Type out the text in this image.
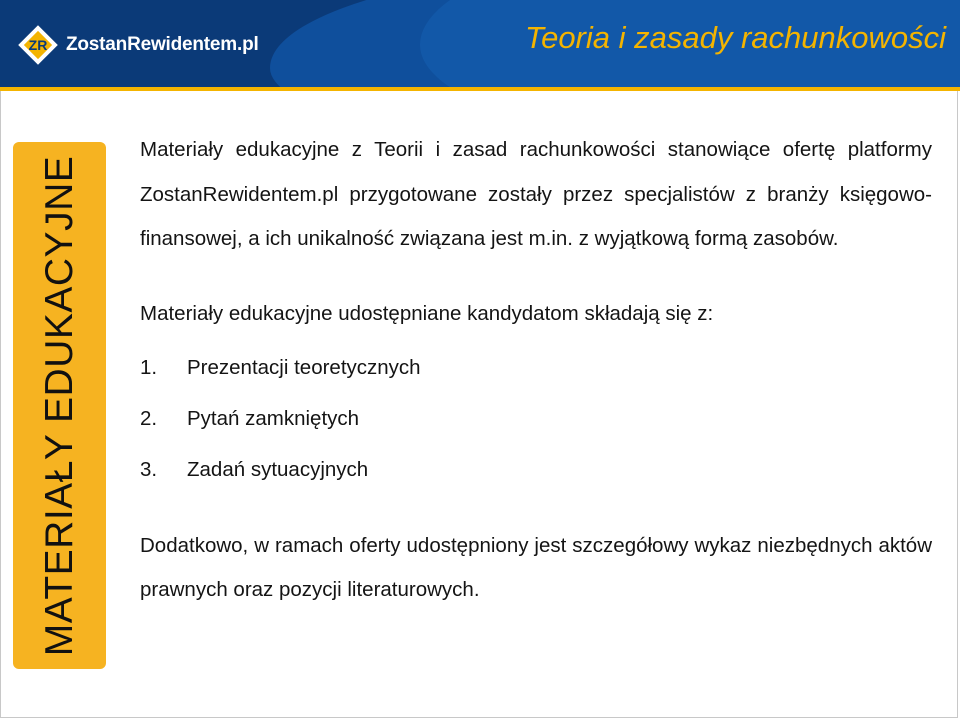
ZR ZostanRewidentem.pl	Teoria i zasady rachunkowości
MATERIAŁY EDUKACYJNE

Materiały edukacyjne z Teorii i zasad rachunkowości stanowiące ofertę platformy ZostanRewidentem.pl przygotowane zostały przez specjalistów z branży księgowo-finansowej, a ich unikalność związana jest m.in. z wyjątkową formą zasobów.

Materiały edukacyjne udostępniane kandydatom składają się z:

1.	Prezentacji teoretycznych
2.	Pytań zamkniętych
3.	Zadań sytuacyjnych

Dodatkowo, w ramach oferty udostępniony jest szczegółowy wykaz niezbędnych aktów prawnych oraz pozycji literaturowych.
